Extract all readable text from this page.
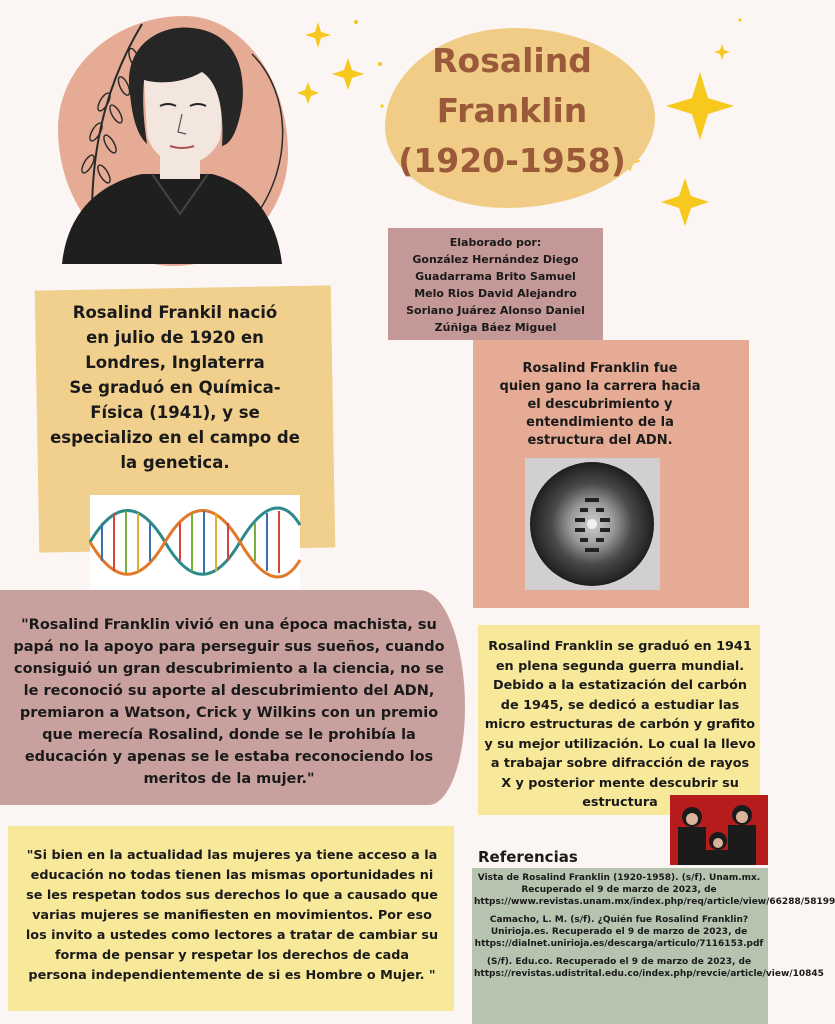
Rosalind
Franklin
(1920-1958)
Elaborado por:
González Hernández Diego
Guadarrama Brito Samuel
Melo Rios David Alejandro
Soriano Juárez Alonso Daniel
Zúñiga Báez Miguel
Rosalind Frankil nació
en julio de 1920 en
Londres, Inglaterra
Se graduó en Química-
Física (1941), y se
especializo en el campo de
la genetica.
Rosalind Franklin fue
quien gano la carrera hacia
el descubrimiento y
entendimiento de la
estructura del ADN.
"Rosalind Franklin vivió en una época machista, su
papá no la apoyo para perseguir sus sueños, cuando
consiguió un gran descubrimiento a la ciencia, no se
le reconoció su aporte al descubrimiento del ADN,
premiaron a Watson, Crick y Wilkins con un premio
que merecía Rosalind, donde se le prohibía la
educación y apenas se le estaba reconociendo los
meritos de la mujer."
Rosalind Franklin se graduó en 1941
en plena segunda guerra mundial.
Debido a la estatización del carbón
de 1945, se dedicó a estudiar las
micro estructuras de carbón y grafito
y su mejor utilización. Lo cual la llevo
a trabajar sobre difracción de rayos
X y posterior mente descubrir su
estructura
"Si bien en la actualidad las mujeres ya tiene acceso a la
educación no todas tienen las mismas oportunidades ni
se les respetan todos sus derechos lo que a causado que
varias mujeres se manifiesten en movimientos. Por eso
los invito a ustedes como lectores a tratar de cambiar su
forma de pensar y respetar los derechos de cada
persona independientemente de si es Hombre o Mujer. "
Referencias

Vista de Rosalind Franklin (1920-1958). (s/f). Unam.mx. Recuperado el 9 de marzo de 2023, de https://www.revistas.unam.mx/index.php/req/article/view/66288/58199

Camacho, L. M. (s/f). ¿Quién fue Rosalind Franklin? Unirioja.es. Recuperado el 9 de marzo de 2023, de https://dialnet.unirioja.es/descarga/articulo/7116153.pdf

(S/f). Edu.co. Recuperado el 9 de marzo de 2023, de https://revistas.udistrital.edu.co/index.php/revcie/article/view/10845
